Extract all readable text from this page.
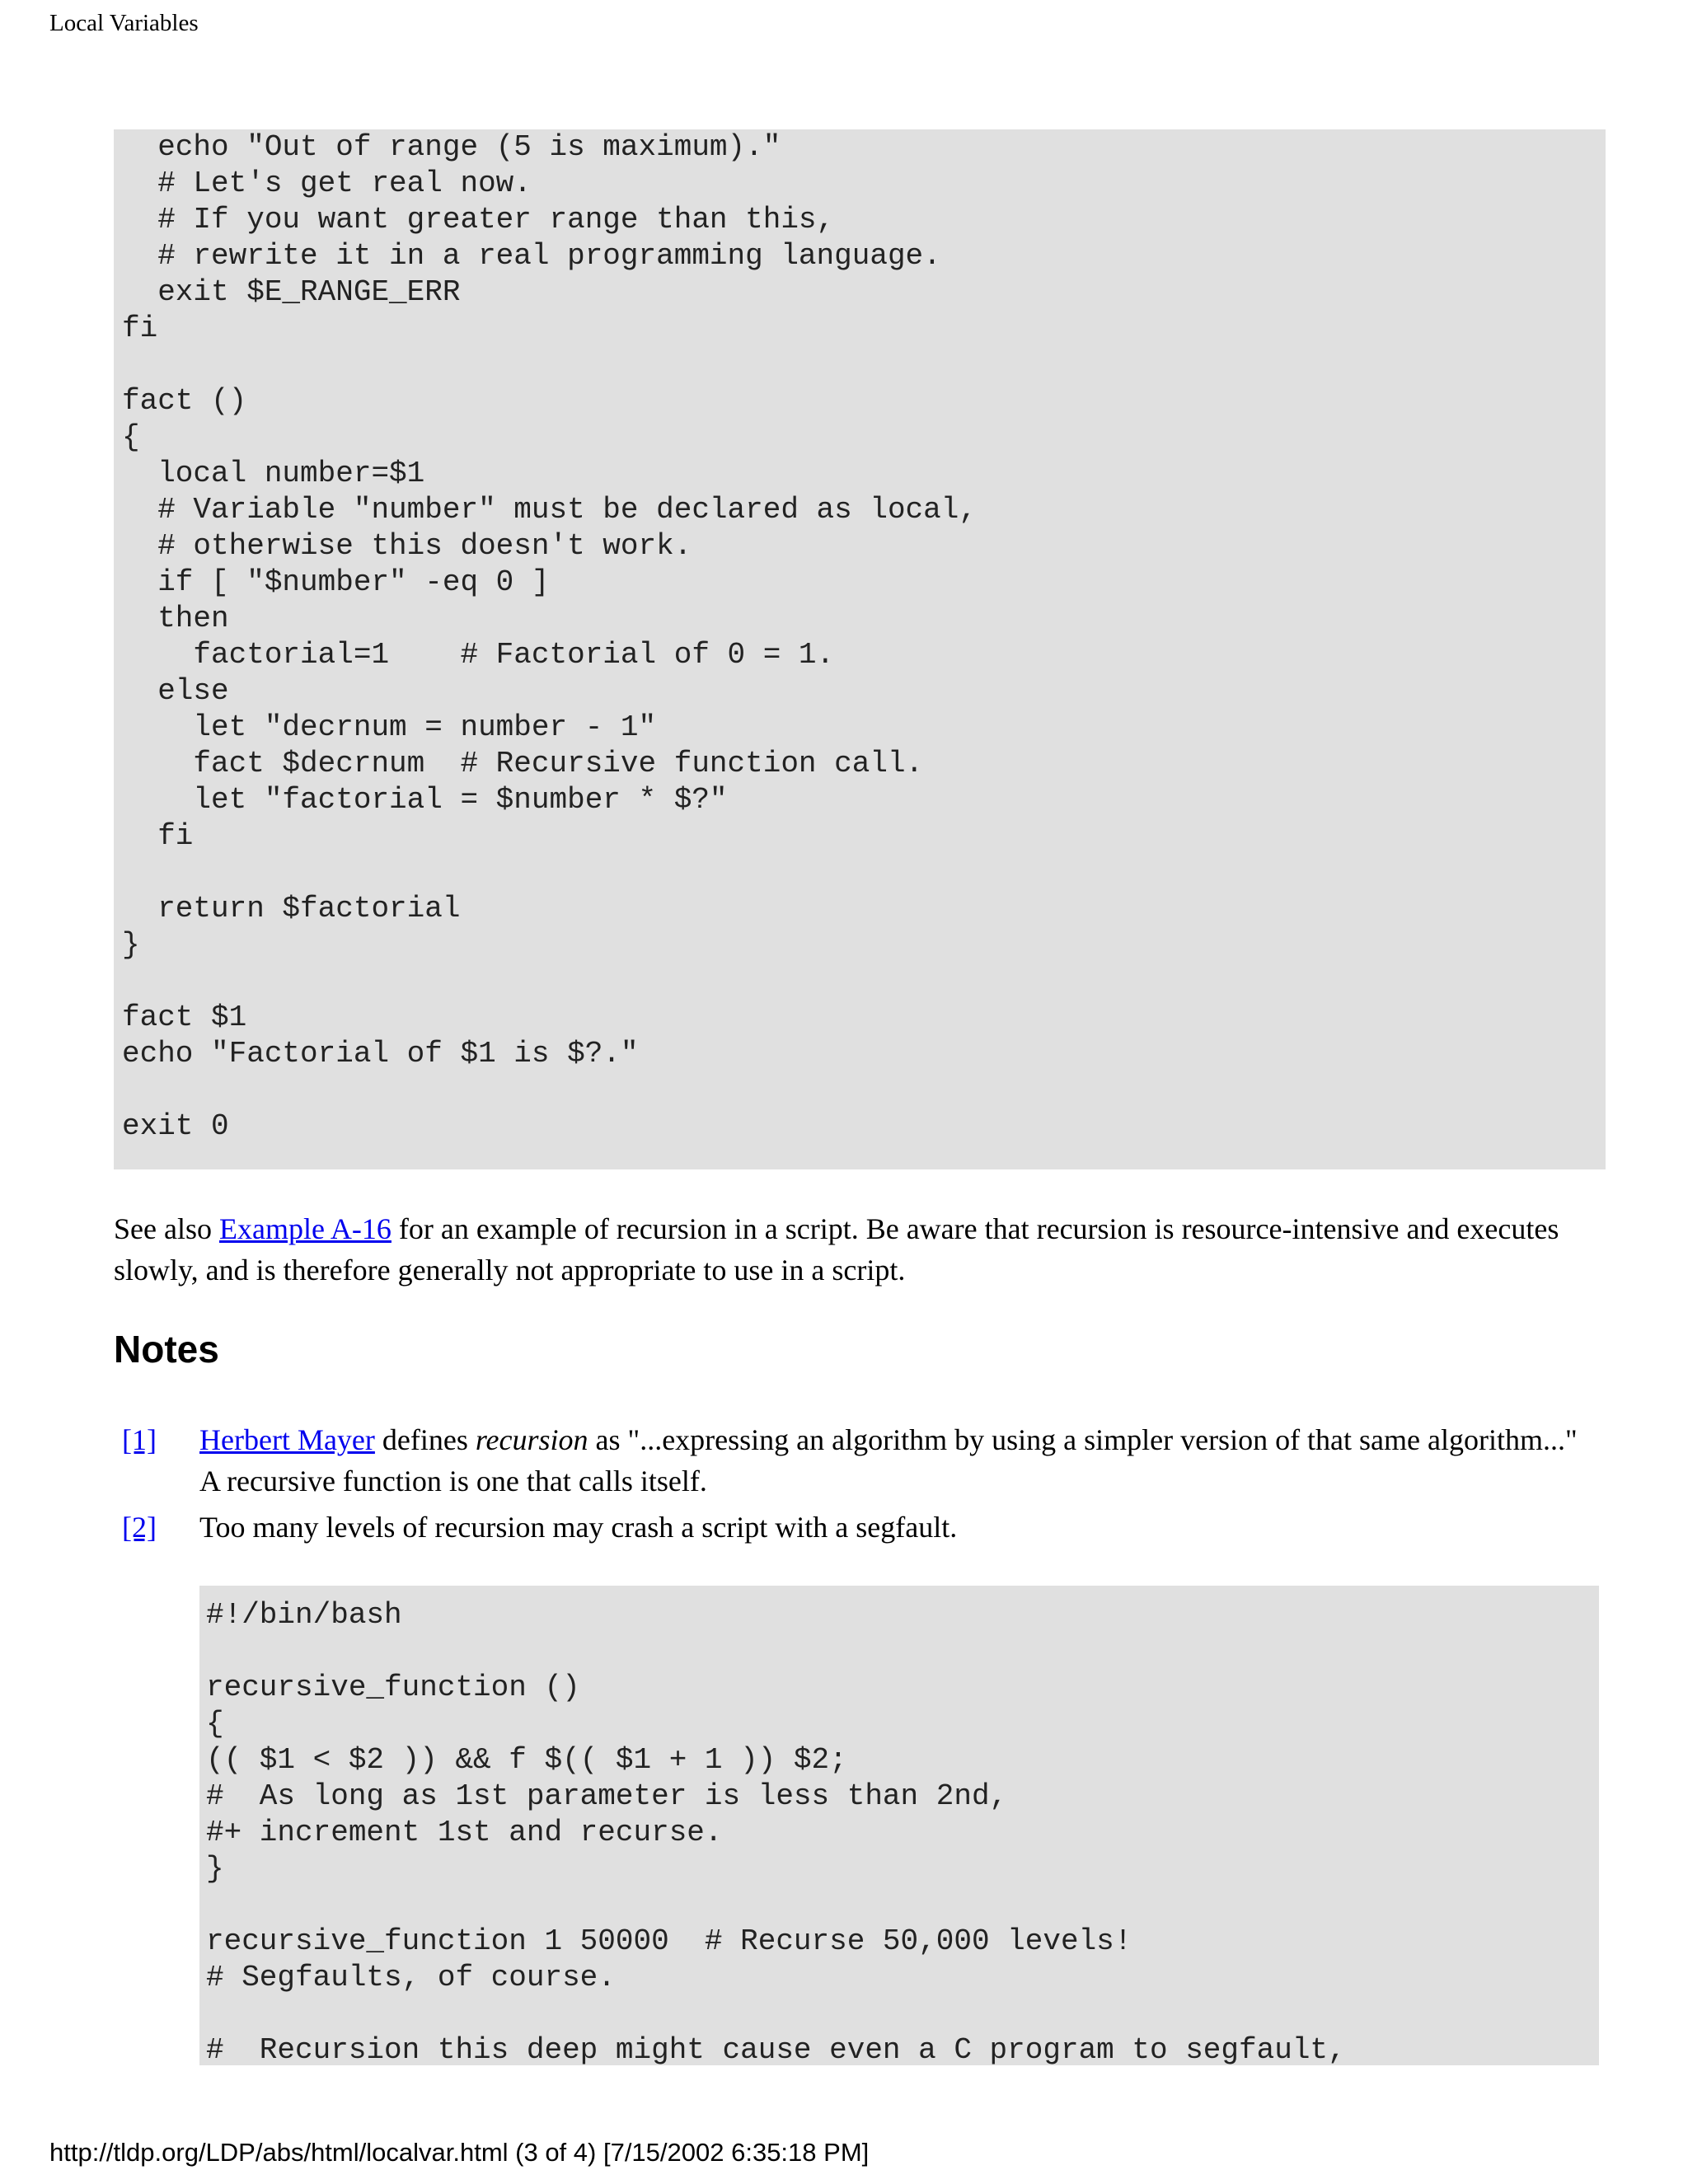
Local Variables
echo "Out of range (5 is maximum)."
# Let's get real now.
# If you want greater range than this,
# rewrite it in a real programming language.
exit $E_RANGE_ERR
fi

fact ()
{
local number=$1
# Variable "number" must be declared as local,
# otherwise this doesn't work.
if [ "$number" -eq 0 ]
then
factorial=1    # Factorial of 0 = 1.
else
let "decrnum = number - 1"
fact $decrnum  # Recursive function call.
let "factorial = $number * $?"
fi

return $factorial
}

fact $1
echo "Factorial of $1 is $?."

exit 0
See also Example A-16 for an example of recursion in a script. Be aware that recursion is resource-intensive and executes slowly, and is therefore generally not appropriate to use in a script.
Notes
[1] Herbert Mayer defines recursion as "...expressing an algorithm by using a simpler version of that same algorithm..." A recursive function is one that calls itself.
[2] Too many levels of recursion may crash a script with a segfault.
#!/bin/bash

recursive_function ()
{
(( $1 < $2 )) && f $(( $1 + 1 )) $2;
#  As long as 1st parameter is less than 2nd,
#+ increment 1st and recurse.
}

recursive_function 1 50000  # Recurse 50,000 levels!
# Segfaults, of course.

#  Recursion this deep might cause even a C program to segfault,
http://tldp.org/LDP/abs/html/localvar.html (3 of 4) [7/15/2002 6:35:18 PM]
